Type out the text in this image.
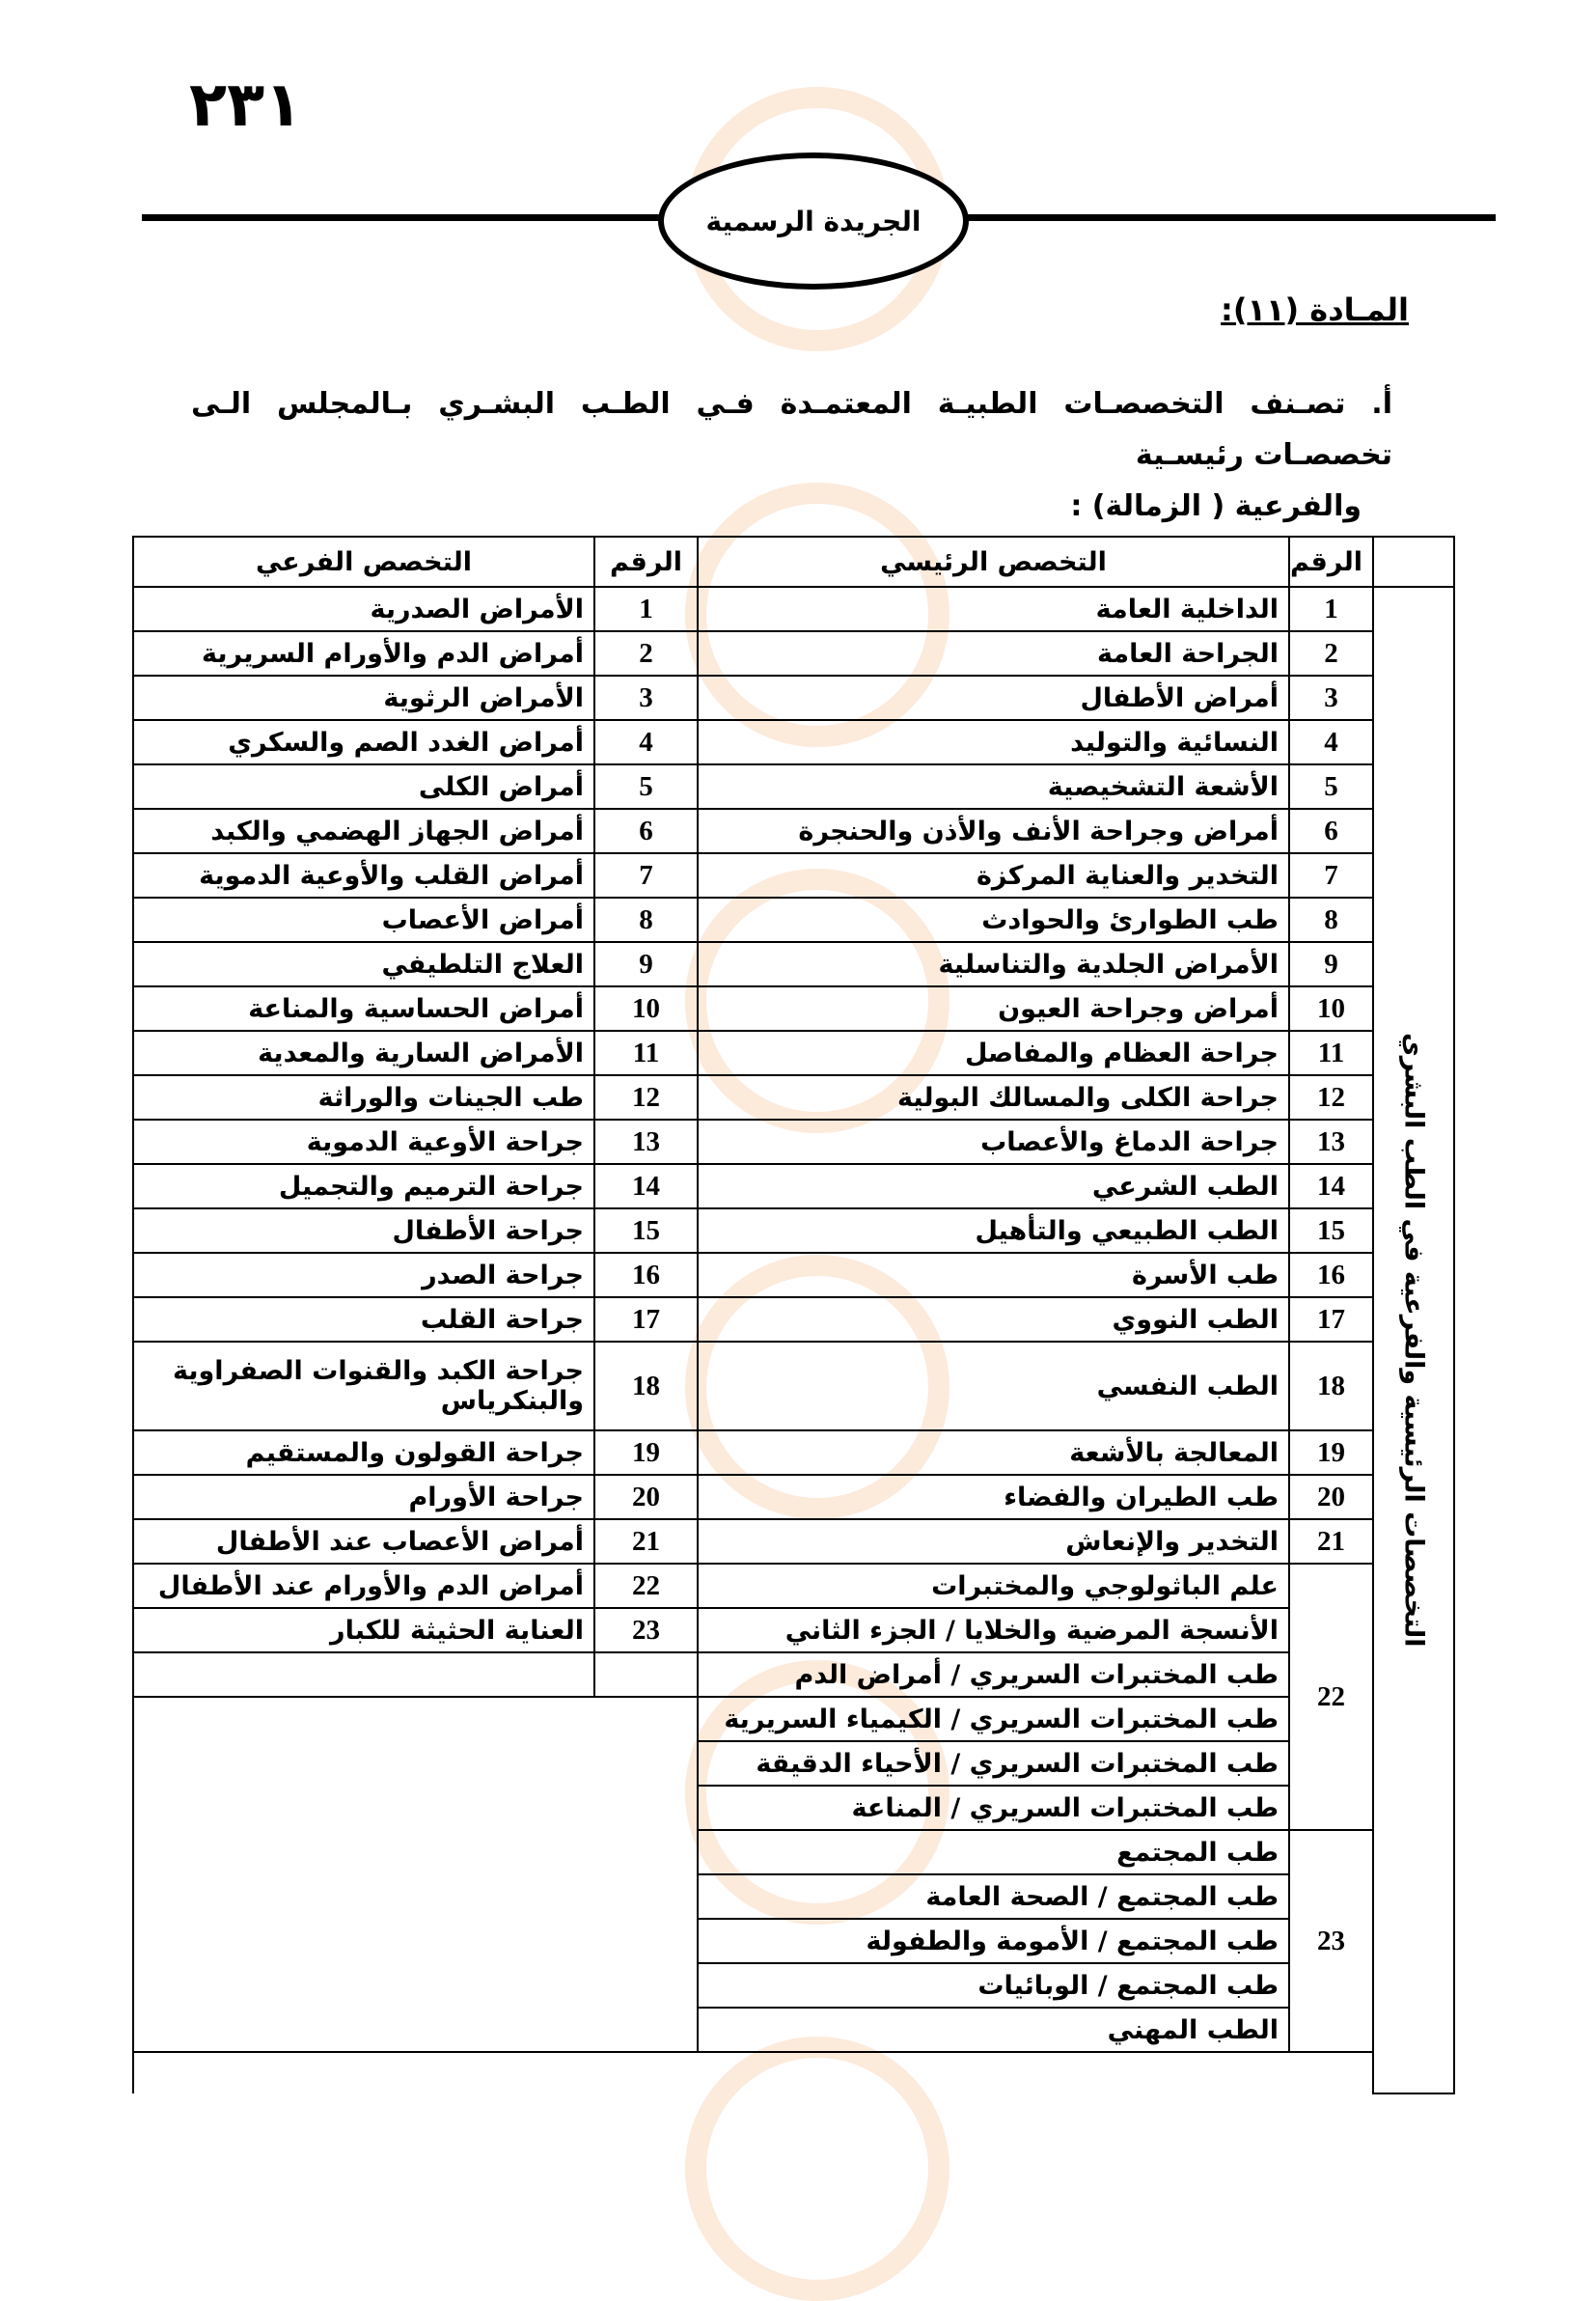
٢٣١
الجريدة الرسمية
المـادة (١١):
أ. تصـنف التخصصـات الطبيـة المعتمـدة فـي الطـب البشـري بـالمجلس الـى تخصصـات رئيسـية
والفرعية ( الزمالة) :
	الرقم	التخصص الرئيسي	الرقم	التخصص الفرعي

التخصصات الرئيسية والفرعية في الطب البشري	1	الداخلية العامة	1	الأمراض الصدرية
	2	الجراحة العامة	2	أمراض الدم والأورام السريرية
	3	أمراض الأطفال	3	الأمراض الرثوية
	4	النسائية والتوليد	4	أمراض الغدد الصم والسكري
	5	الأشعة التشخيصية	5	أمراض الكلى
	6	أمراض وجراحة الأنف والأذن والحنجرة	6	أمراض الجهاز الهضمي والكبد
	7	التخدير والعناية المركزة	7	أمراض القلب والأوعية الدموية
	8	طب الطوارئ والحوادث	8	أمراض الأعصاب
	9	الأمراض الجلدية والتناسلية	9	العلاج التلطيفي
	10	أمراض وجراحة العيون	10	أمراض الحساسية والمناعة
	11	جراحة العظام والمفاصل	11	الأمراض السارية والمعدية
	12	جراحة الكلى والمسالك البولية	12	طب الجينات والوراثة
	13	جراحة الدماغ والأعصاب	13	جراحة الأوعية الدموية
	14	الطب الشرعي	14	جراحة الترميم والتجميل
	15	الطب الطبيعي والتأهيل	15	جراحة الأطفال
	16	طب الأسرة	16	جراحة الصدر
	17	الطب النووي	17	جراحة القلب
	18	الطب النفسي	18	جراحة الكبد والقنوات الصفراوية والبنكرياس
	19	المعالجة بالأشعة	19	جراحة القولون والمستقيم
	20	طب الطيران والفضاء	20	جراحة الأورام
	21	التخدير والإنعاش	21	أمراض الأعصاب عند الأطفال
	22	علم الباثولوجي والمختبرات	22	أمراض الدم والأورام عند الأطفال
		الأنسجة المرضية والخلايا / الجزء الثاني	23	العناية الحثيثة للكبار
		طب المختبرات السريري / أمراض الدم		
		طب المختبرات السريري / الكيمياء السريرية		
		طب المختبرات السريري / الأحياء الدقيقة		
		طب المختبرات السريري / المناعة		
	23	طب المجتمع		
		طب المجتمع / الصحة العامة		
		طب المجتمع / الأمومة والطفولة		
		طب المجتمع / الوبائيات		
		الطب المهني		
